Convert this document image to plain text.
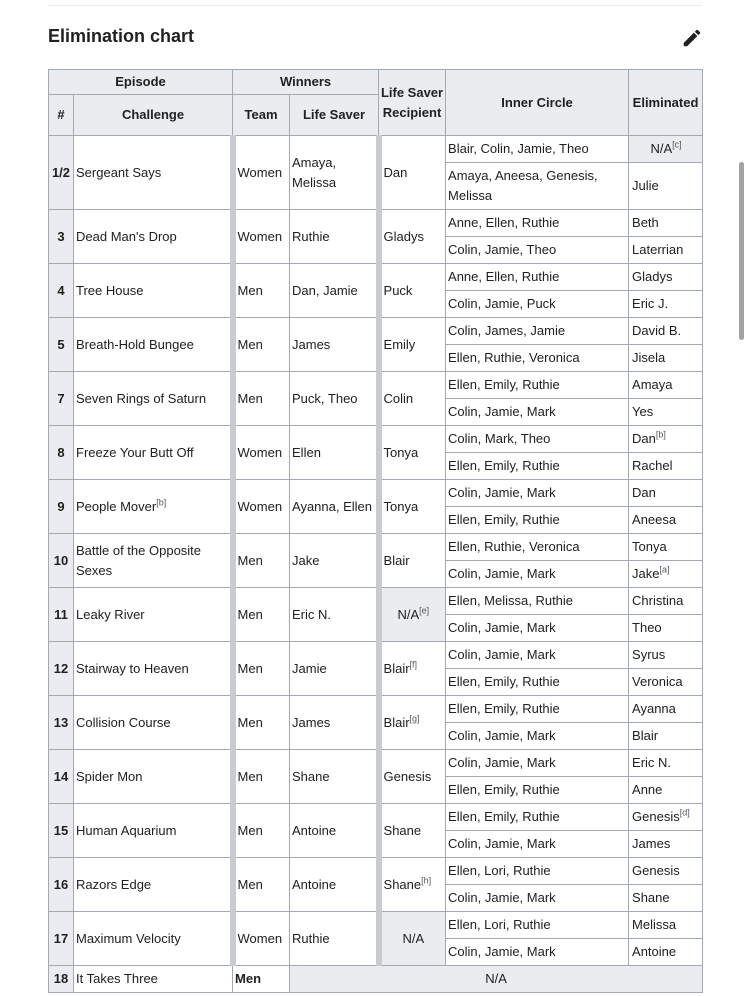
Elimination chart
Episode		Winners		Life Saver Recipient	Inner Circle	Eliminated
#	Challenge	Team	Life Saver			
1/2	Sergeant Says	Women	Amaya, Melissa	Dan	Blair, Colin, Jamie, Theo	N/A[c]
					Amaya, Aneesa, Genesis, Melissa	Julie
3	Dead Man's Drop	Women	Ruthie	Gladys	Anne, Ellen, Ruthie	Beth
					Colin, Jamie, Theo	Laterrian
4	Tree House	Men	Dan, Jamie	Puck	Anne, Ellen, Ruthie	Gladys
					Colin, Jamie, Puck	Eric J.
5	Breath-Hold Bungee	Men	James	Emily	Colin, James, Jamie	David B.
					Ellen, Ruthie, Veronica	Jisela
7	Seven Rings of Saturn	Men	Puck, Theo	Colin	Ellen, Emily, Ruthie	Amaya
					Colin, Jamie, Mark	Yes
8	Freeze Your Butt Off	Women	Ellen	Tonya	Colin, Mark, Theo	Dan[b]
					Ellen, Emily, Ruthie	Rachel
9	People Mover[b]	Women	Ayanna, Ellen	Tonya	Colin, Jamie, Mark	Dan
					Ellen, Emily, Ruthie	Aneesa
10	Battle of the Opposite Sexes	Men	Jake	Blair	Ellen, Ruthie, Veronica	Tonya
					Colin, Jamie, Mark	Jake[a]
11	Leaky River	Men	Eric N.	N/A[e]	Ellen, Melissa, Ruthie	Christina
					Colin, Jamie, Mark	Theo
12	Stairway to Heaven	Men	Jamie	Blair[f]	Colin, Jamie, Mark	Syrus
					Ellen, Emily, Ruthie	Veronica
13	Collision Course	Men	James	Blair[g]	Ellen, Emily, Ruthie	Ayanna
					Colin, Jamie, Mark	Blair
14	Spider Mon	Men	Shane	Genesis	Colin, Jamie, Mark	Eric N.
					Ellen, Emily, Ruthie	Anne
15	Human Aquarium	Men	Antoine	Shane	Ellen, Emily, Ruthie	Genesis[d]
					Colin, Jamie, Mark	James
16	Razors Edge	Men	Antoine	Shane[h]	Ellen, Lori, Ruthie	Genesis
					Colin, Jamie, Mark	Shane
17	Maximum Velocity	Women	Ruthie	N/A	Ellen, Lori, Ruthie	Melissa
					Colin, Jamie, Mark	Antoine
18	It Takes Three	Men	N/A			
